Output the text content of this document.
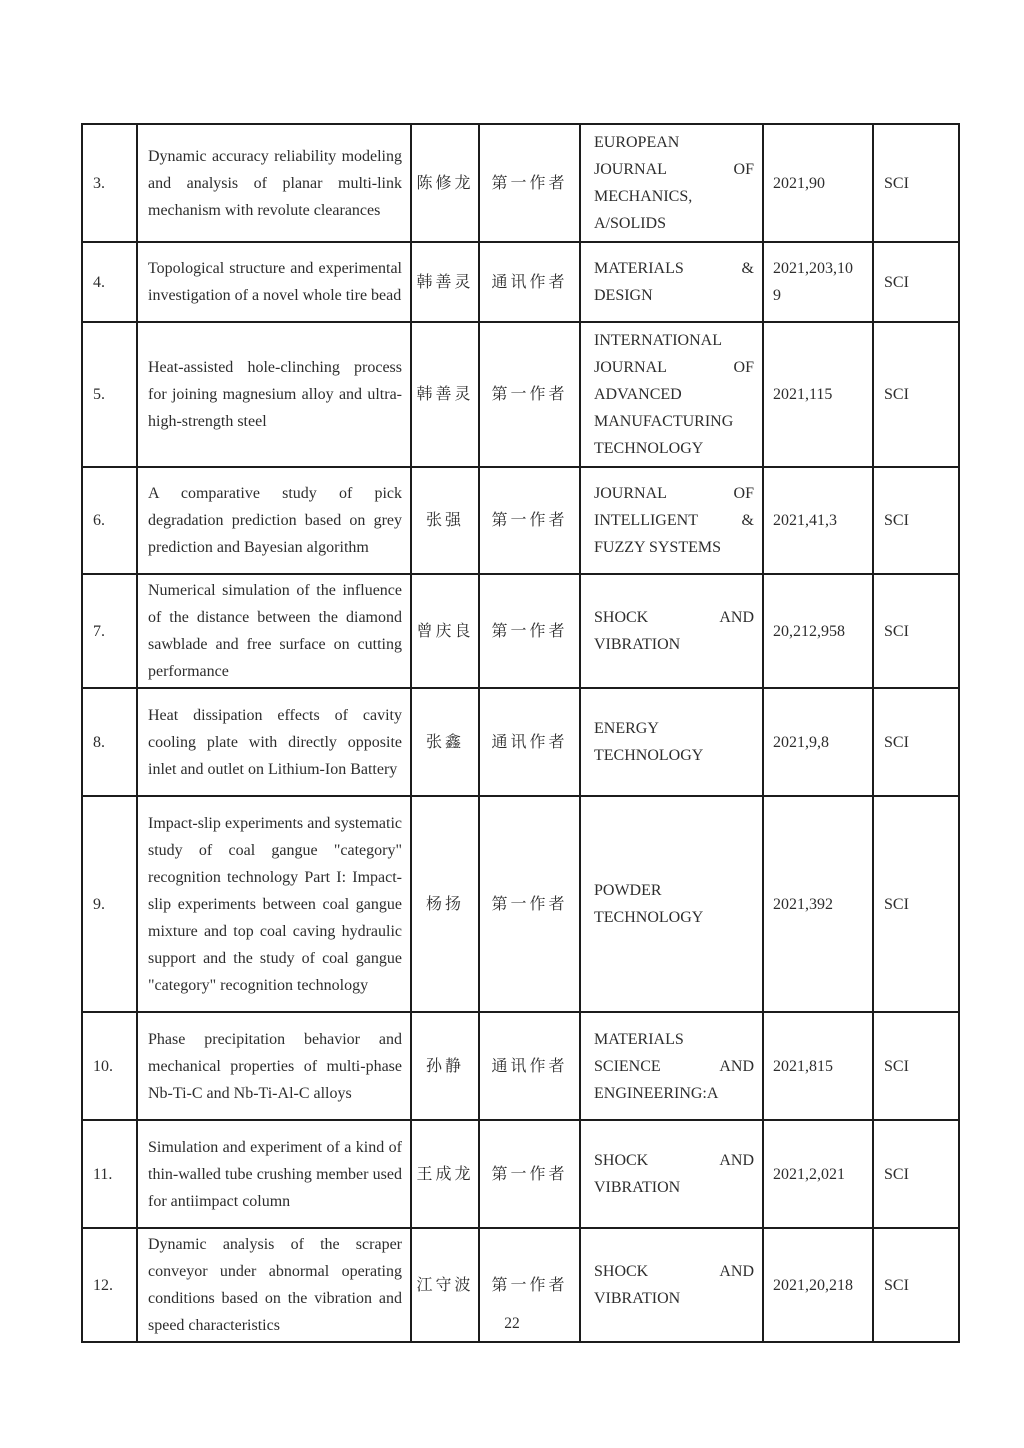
3.	Dynamic accuracy reliability modeling and analysis of planar multi-link mechanism with revolute clearances	陈修龙	第一作者	EUROPEAN JOURNAL OF MECHANICS, A/SOLIDS	2021,90	SCI
4.	Topological structure and experimental investigation of a novel whole tire bead	韩善灵	通讯作者	MATERIALS & DESIGN	2021,203,109	SCI
5.	Heat-assisted hole-clinching process for joining magnesium alloy and ultra-high-strength steel	韩善灵	第一作者	INTERNATIONAL JOURNAL OF ADVANCED MANUFACTURING TECHNOLOGY	2021,115	SCI
6.	A comparative study of pick degradation prediction based on grey prediction and Bayesian algorithm	张强	第一作者	JOURNAL OF INTELLIGENT & FUZZY SYSTEMS	2021,41,3	SCI
7.	Numerical simulation of the influence of the distance between the diamond sawblade and free surface on cutting performance	曾庆良	第一作者	SHOCK AND VIBRATION	20,212,958	SCI
8.	Heat dissipation effects of cavity cooling plate with directly opposite inlet and outlet on Lithium-Ion Battery	张鑫	通讯作者	ENERGY TECHNOLOGY	2021,9,8	SCI
9.	Impact-slip experiments and systematic study of coal gangue "category" recognition technology Part I: Impact-slip experiments between coal gangue mixture and top coal caving hydraulic support and the study of coal gangue "category" recognition technology	杨扬	第一作者	POWDER TECHNOLOGY	2021,392	SCI
10.	Phase precipitation behavior and mechanical properties of multi-phase Nb-Ti-C and Nb-Ti-Al-C alloys	孙静	通讯作者	MATERIALS SCIENCE AND ENGINEERING:A	2021,815	SCI
11.	Simulation and experiment of a kind of thin-walled tube crushing member used for antiimpact column	王成龙	第一作者	SHOCK AND VIBRATION	2021,2,021	SCI
12.	Dynamic analysis of the scraper conveyor under abnormal operating conditions based on the vibration and speed characteristics	江守波	第一作者	SHOCK AND VIBRATION	2021,20,218	SCI
22
